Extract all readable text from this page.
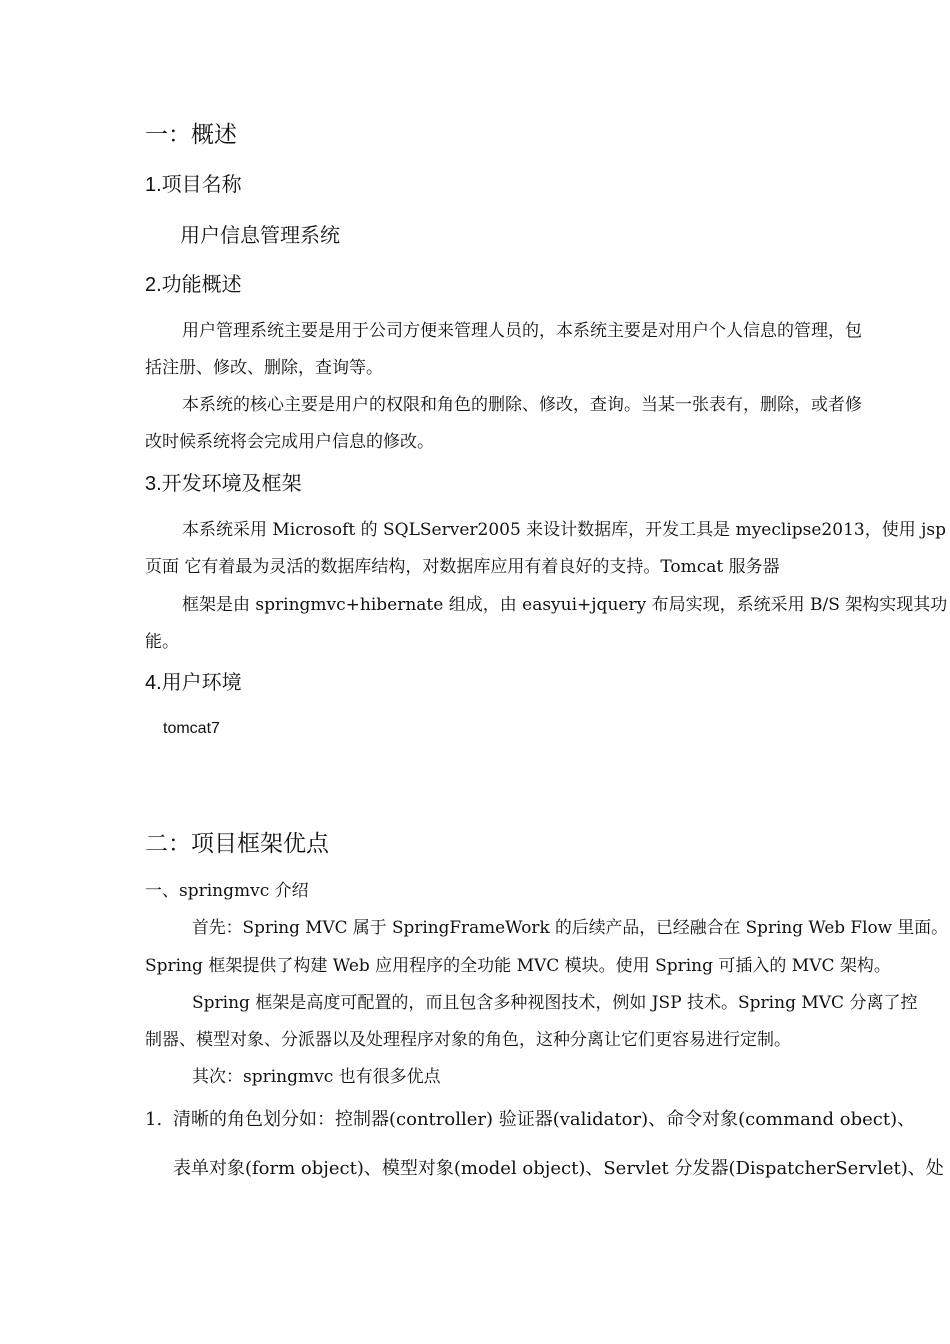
一：概述
1.项目名称
用户信息管理系统
2.功能概述
用户管理系统主要是用于公司方便来管理人员的，本系统主要是对用户个人信息的管理，包
括注册、修改、删除，查询等。
本系统的核心主要是用户的权限和角色的删除、修改，查询。当某一张表有，删除，或者修
改时候系统将会完成用户信息的修改。
3.开发环境及框架
本系统采用 Microsoft 的 SQLServer2005 来设计数据库，开发工具是 myeclipse2013，使用 jsp
页面 它有着最为灵活的数据库结构，对数据库应用有着良好的支持。Tomcat 服务器
框架是由 springmvc+hibernate 组成，由 easyui+jquery 布局实现，系统采用 B/S 架构实现其功
能。
4.用户环境
tomcat7
二：项目框架优点
一、springmvc 介绍
首先：Spring MVC 属于 SpringFrameWork 的后续产品，已经融合在 Spring Web Flow 里面。
Spring 框架提供了构建 Web 应用程序的全功能 MVC 模块。使用 Spring 可插入的 MVC 架构。
Spring 框架是高度可配置的，而且包含多种视图技术，例如 JSP 技术。Spring MVC 分离了控
制器、模型对象、分派器以及处理程序对象的角色，这种分离让它们更容易进行定制。
其次：springmvc 也有很多优点
1. 清晰的角色划分如：控制器(controller) 验证器(validator)、命令对象(command obect)、
表单对象(form object)、模型对象(model object)、Servlet 分发器(DispatcherServlet)、处
